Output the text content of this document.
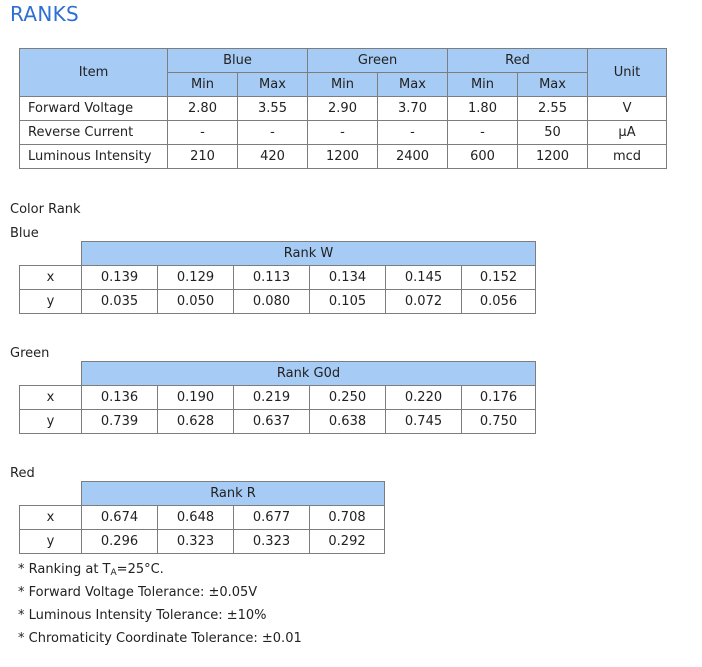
RANKS
Item	Blue		Green		Red		Unit
	Min	Max	Min	Max	Min	Max	
Forward Voltage	2.80	3.55	2.90	3.70	1.80	2.55	V
Reverse Current	-	-	-	-	-	50	μA
Luminous Intensity	210	420	1200	2400	600	1200	mcd
Color Rank
Blue
	Rank W					
x	0.139	0.129	0.113	0.134	0.145	0.152
y	0.035	0.050	0.080	0.105	0.072	0.056
Green
	Rank G0d					
x	0.136	0.190	0.219	0.250	0.220	0.176
y	0.739	0.628	0.637	0.638	0.745	0.750
Red
	Rank R			
x	0.674	0.648	0.677	0.708
y	0.296	0.323	0.323	0.292
* Ranking at $T_A=25^\circ C$.
* Forward Voltage Tolerance: ±0.05V
* Luminous Intensity Tolerance: ±10%
* Chromaticity Coordinate Tolerance: ±0.01
